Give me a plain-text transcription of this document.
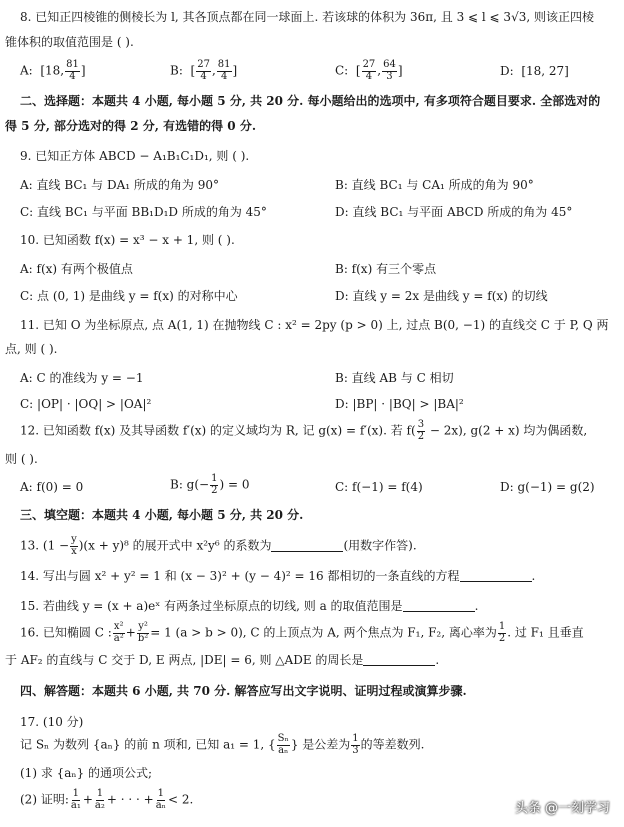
8. 已知正四棱锥的侧棱长为 l, 其各顶点都在同一球面上. 若该球的体积为 36π, 且 3 ⩽ l ⩽ 3√3, 则该正四棱
锥体积的取值范围是 ( ).
A: [18, $\frac{81}{4}$ ]	B: [ $\frac{27}{4}$ , $\frac{81}{4}$ ]	C: [ $\frac{27}{4}$ , $\frac{64}{3}$ ]	D: [18, 27]
二、选择题：本题共 4 小题, 每小题 5 分, 共 20 分. 每小题给出的选项中, 有多项符合题目要求. 全部选对的
得 5 分, 部分选对的得 2 分, 有选错的得 0 分.
9. 已知正方体 ABCD − A₁B₁C₁D₁, 则 ( ).
A: 直线 BC₁ 与 DA₁ 所成的角为 90°	B: 直线 BC₁ 与 CA₁ 所成的角为 90°
C: 直线 BC₁ 与平面 BB₁D₁D 所成的角为 45°	D: 直线 BC₁ 与平面 ABCD 所成的角为 45°
10. 已知函数 f(x) = x³ − x + 1, 则 ( ).
A: f(x) 有两个极值点	B: f(x) 有三个零点
C: 点 (0, 1) 是曲线 y = f(x) 的对称中心	D: 直线 y = 2x 是曲线 y = f(x) 的切线
11. 已知 O 为坐标原点, 点 A(1, 1) 在抛物线 C : x² = 2py (p > 0) 上, 过点 B(0, −1) 的直线交 C 于 P, Q 两
点, 则 ( ).
A: C 的准线为 y = −1	B: 直线 AB 与 C 相切
C: |OP| · |OQ| > |OA|²	D: |BP| · |BQ| > |BA|²
12. 已知函数 f(x) 及其导函数 f′(x) 的定义域均为 R, 记 g(x) = f′(x). 若 $f( \frac{3}{2} - 2x)$, g(2 + x) 均为偶函数,
则 ( ).
A: f(0) = 0	B: $g(- \frac{1}{2}$ ) = 0	C: f(−1) = f(4)	D: g(−1) = g(2)
三、填空题：本题共 4 小题, 每小题 5 分, 共 20 分.
13. $(1 - \frac{y}{x} )(x + y)^8$ 的展开式中 x²y⁶ 的系数为	(用数字作答).
14. 写出与圆 x² + y² = 1 和 (x − 3)² + (y − 4)² = 16 都相切的一条直线的方程	.
15. 若曲线 y = (x + a)eˣ 有两条过坐标原点的切线, 则 a 的取值范围是	.
16. 已知椭圆 C : $\frac{\text{x²}}{\text{a²}} + \frac{\text{y²}}{\text{b²}} = 1$ (a > b > 0), C 的上顶点为 A, 两个焦点为 F₁, F₂, 离心率为 $\frac{1}{2}$ . 过 F₁ 且垂直
于 AF₂ 的直线与 C 交于 D, E 两点, |DE| = 6, 则 △ADE 的周长是	.
四、解答题：本题共 6 小题, 共 70 分. 解答应写出文字说明、证明过程或演算步骤.
17. (10 分)
记 Sₙ 为数列 {aₙ} 的前 n 项和, 已知 a₁ = 1, { $\frac{\text{Sₙ}}{\text{aₙ}}$ } 是公差为 $\frac{1}{3}$ 的等差数列.
(1) 求 {aₙ} 的通项公式;
(2) 证明: $\frac{1}{\text{a₁}} + \frac{1}{\text{a₂}}$ + · · · + $\frac{1}{\text{aₙ}} < 2$.
头条 @一刻学习
